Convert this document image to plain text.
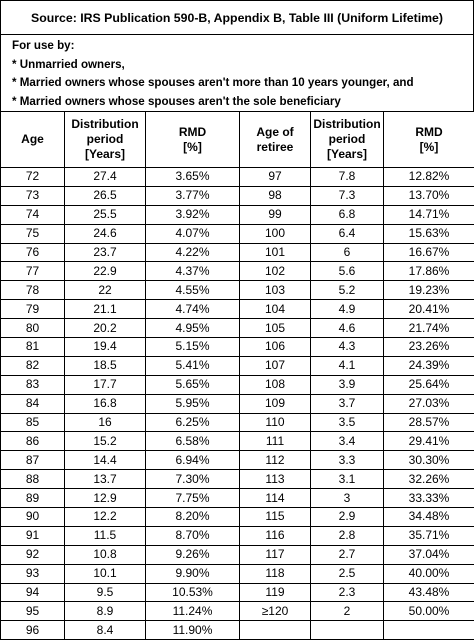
Source: IRS Publication 590-B, Appendix B, Table III (Uniform Lifetime)
For use by:
* Unmarried owners,
* Married owners whose spouses aren't more than 10 years younger, and
* Married owners whose spouses aren't the sole beneficiary
Age	Distribution
period
[Years]	RMD
[%]	Age of
retiree	Distribution
period
[Years]	RMD
[%]

72	27.4	3.65%	97	7.8	12.82%
73	26.5	3.77%	98	7.3	13.70%
74	25.5	3.92%	99	6.8	14.71%
75	24.6	4.07%	100	6.4	15.63%
76	23.7	4.22%	101	6	16.67%
77	22.9	4.37%	102	5.6	17.86%
78	22	4.55%	103	5.2	19.23%
79	21.1	4.74%	104	4.9	20.41%
80	20.2	4.95%	105	4.6	21.74%
81	19.4	5.15%	106	4.3	23.26%
82	18.5	5.41%	107	4.1	24.39%
83	17.7	5.65%	108	3.9	25.64%
84	16.8	5.95%	109	3.7	27.03%
85	16	6.25%	110	3.5	28.57%
86	15.2	6.58%	111	3.4	29.41%
87	14.4	6.94%	112	3.3	30.30%
88	13.7	7.30%	113	3.1	32.26%
89	12.9	7.75%	114	3	33.33%
90	12.2	8.20%	115	2.9	34.48%
91	11.5	8.70%	116	2.8	35.71%
92	10.8	9.26%	117	2.7	37.04%
93	10.1	9.90%	118	2.5	40.00%
94	9.5	10.53%	119	2.3	43.48%
95	8.9	11.24%	≥120	2	50.00%
96	8.4	11.90%			
